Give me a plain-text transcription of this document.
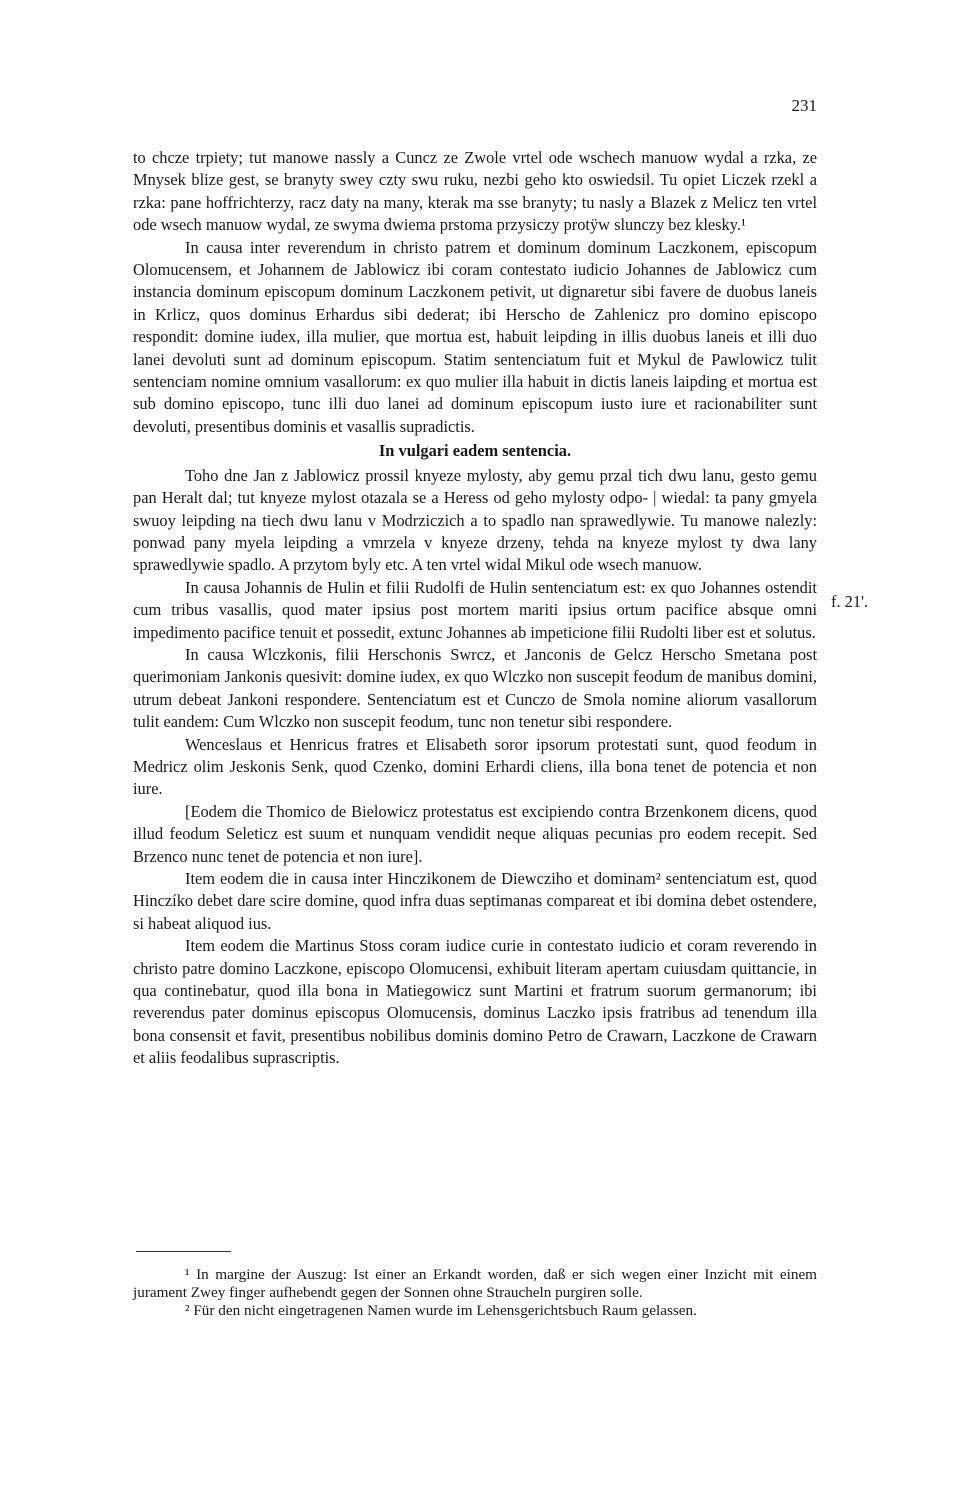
231

to chcze trpiety; tut manowe nassly a Cuncz ze Zwole vrtel ode wschech manuow wydal a rzka, ze Mnysek blize gest, se branyty swey czty swu ruku, nezbi geho kto oswiedsil. Tu opiet Liczek rzekl a rzka: pane hoffrichterzy, racz daty na many, kterak ma sse branyty; tu nasly a Blazek z Melicz ten vrtel ode wsech manuow wydal, ze swyma dwiema prstoma przysiczy protÿw slunczy bez klesky.¹

In causa inter reverendum in christo patrem et dominum dominum Laczkonem, episcopum Olomucensem, et Johannem de Jablowicz ibi coram contestato iudicio Johannes de Jablowicz cum instancia dominum episcopum dominum Laczkonem petivit, ut dignaretur sibi favere de duobus laneis in Krlicz, quos dominus Erhardus sibi dederat; ibi Herscho de Zahlenicz pro domino episcopo respondit: domine iudex, illa mulier, que mortua est, habuit leipding in illis duobus laneis et illi duo lanei devoluti sunt ad dominum episcopum. Statim sentenciatum fuit et Mykul de Pawlowicz tulit sentenciam nomine omnium vasallorum: ex quo mulier illa habuit in dictis laneis laipding et mortua est sub domino episcopo, tunc illi duo lanei ad dominum episcopum iusto iure et racionabiliter sunt devoluti, presentibus dominis et vasallis supradictis.

In vulgari eadem sentencia.

Toho dne Jan z Jablowicz prossil knyeze mylosty, aby gemu przal tich dwu lanu, gesto gemu pan Heralt dal; tut knyeze mylost otazala se a Heress od geho mylosty odpo- | wiedal: ta pany gmyela swuoy leipding na tiech dwu lanu v Modrziczich a to spadlo nan sprawedlywie. Tu manowe nalezly: ponwad pany myela leipding a vmrzela v knyeze drzeny, tehda na knyeze mylost ty dwa lany sprawedlywie spadlo. A przytom byly etc. A ten vrtel widal Mikul ode wsech manuow.

In causa Johannis de Hulin et filii Rudolfi de Hulin sentenciatum est: ex quo Johannes ostendit cum tribus vasallis, quod mater ipsius post mortem mariti ipsius ortum pacifice absque omni impedimento pacifice tenuit et possedit, extunc Johannes ab impeticione filii Rudolti liber est et solutus.

In causa Wlczkonis, filii Herschonis Swrcz, et Janconis de Gelcz Herscho Smetana post querimoniam Jankonis quesivit: domine iudex, ex quo Wlczko non suscepit feodum de manibus domini, utrum debeat Jankoni respondere. Sentenciatum est et Cunczo de Smola nomine aliorum vasallorum tulit eandem: Cum Wlczko non suscepit feodum, tunc non tenetur sibi respondere.

Wenceslaus et Henricus fratres et Elisabeth soror ipsorum protestati sunt, quod feodum in Medricz olim Jeskonis Senk, quod Czenko, domini Erhardi cliens, illa bona tenet de potencia et non iure.

[Eodem die Thomico de Bielowicz protestatus est excipiendo contra Brzenkonem dicens, quod illud feodum Seleticz est suum et nunquam vendidit neque aliquas pecunias pro eodem recepit. Sed Brzenco nunc tenet de potencia et non iure].

Item eodem die in causa inter Hinczikonem de Diewcziho et dominam² sentenciatum est, quod Hinczíko debet dare scire domine, quod infra duas septimanas compareat et ibi domina debet ostendere, si habeat aliquod ius.

Item eodem die Martinus Stoss coram iudice curie in contestato iudicio et coram reverendo in christo patre domino Laczkone, episcopo Olomucensi, exhibuit literam apertam cuiusdam quittancie, in qua continebatur, quod illa bona in Matiegowicz sunt Martini et fratrum suorum germanorum; ibi reverendus pater dominus episcopus Olomucensis, dominus Laczko ipsis fratribus ad tenendum illa bona consensit et favit, presentibus nobilibus dominis domino Petro de Crawarn, Laczkone de Crawarn et aliis feodalibus suprascriptis.

f. 21'.

¹ In margine der Auszug: Ist einer an Erkandt worden, daß er sich wegen einer Inzicht mit einem jurament Zwey finger aufhebendt gegen der Sonnen ohne Straucheln purgiren solle.

² Für den nicht eingetragenen Namen wurde im Lehensgerichtsbuch Raum gelassen.
